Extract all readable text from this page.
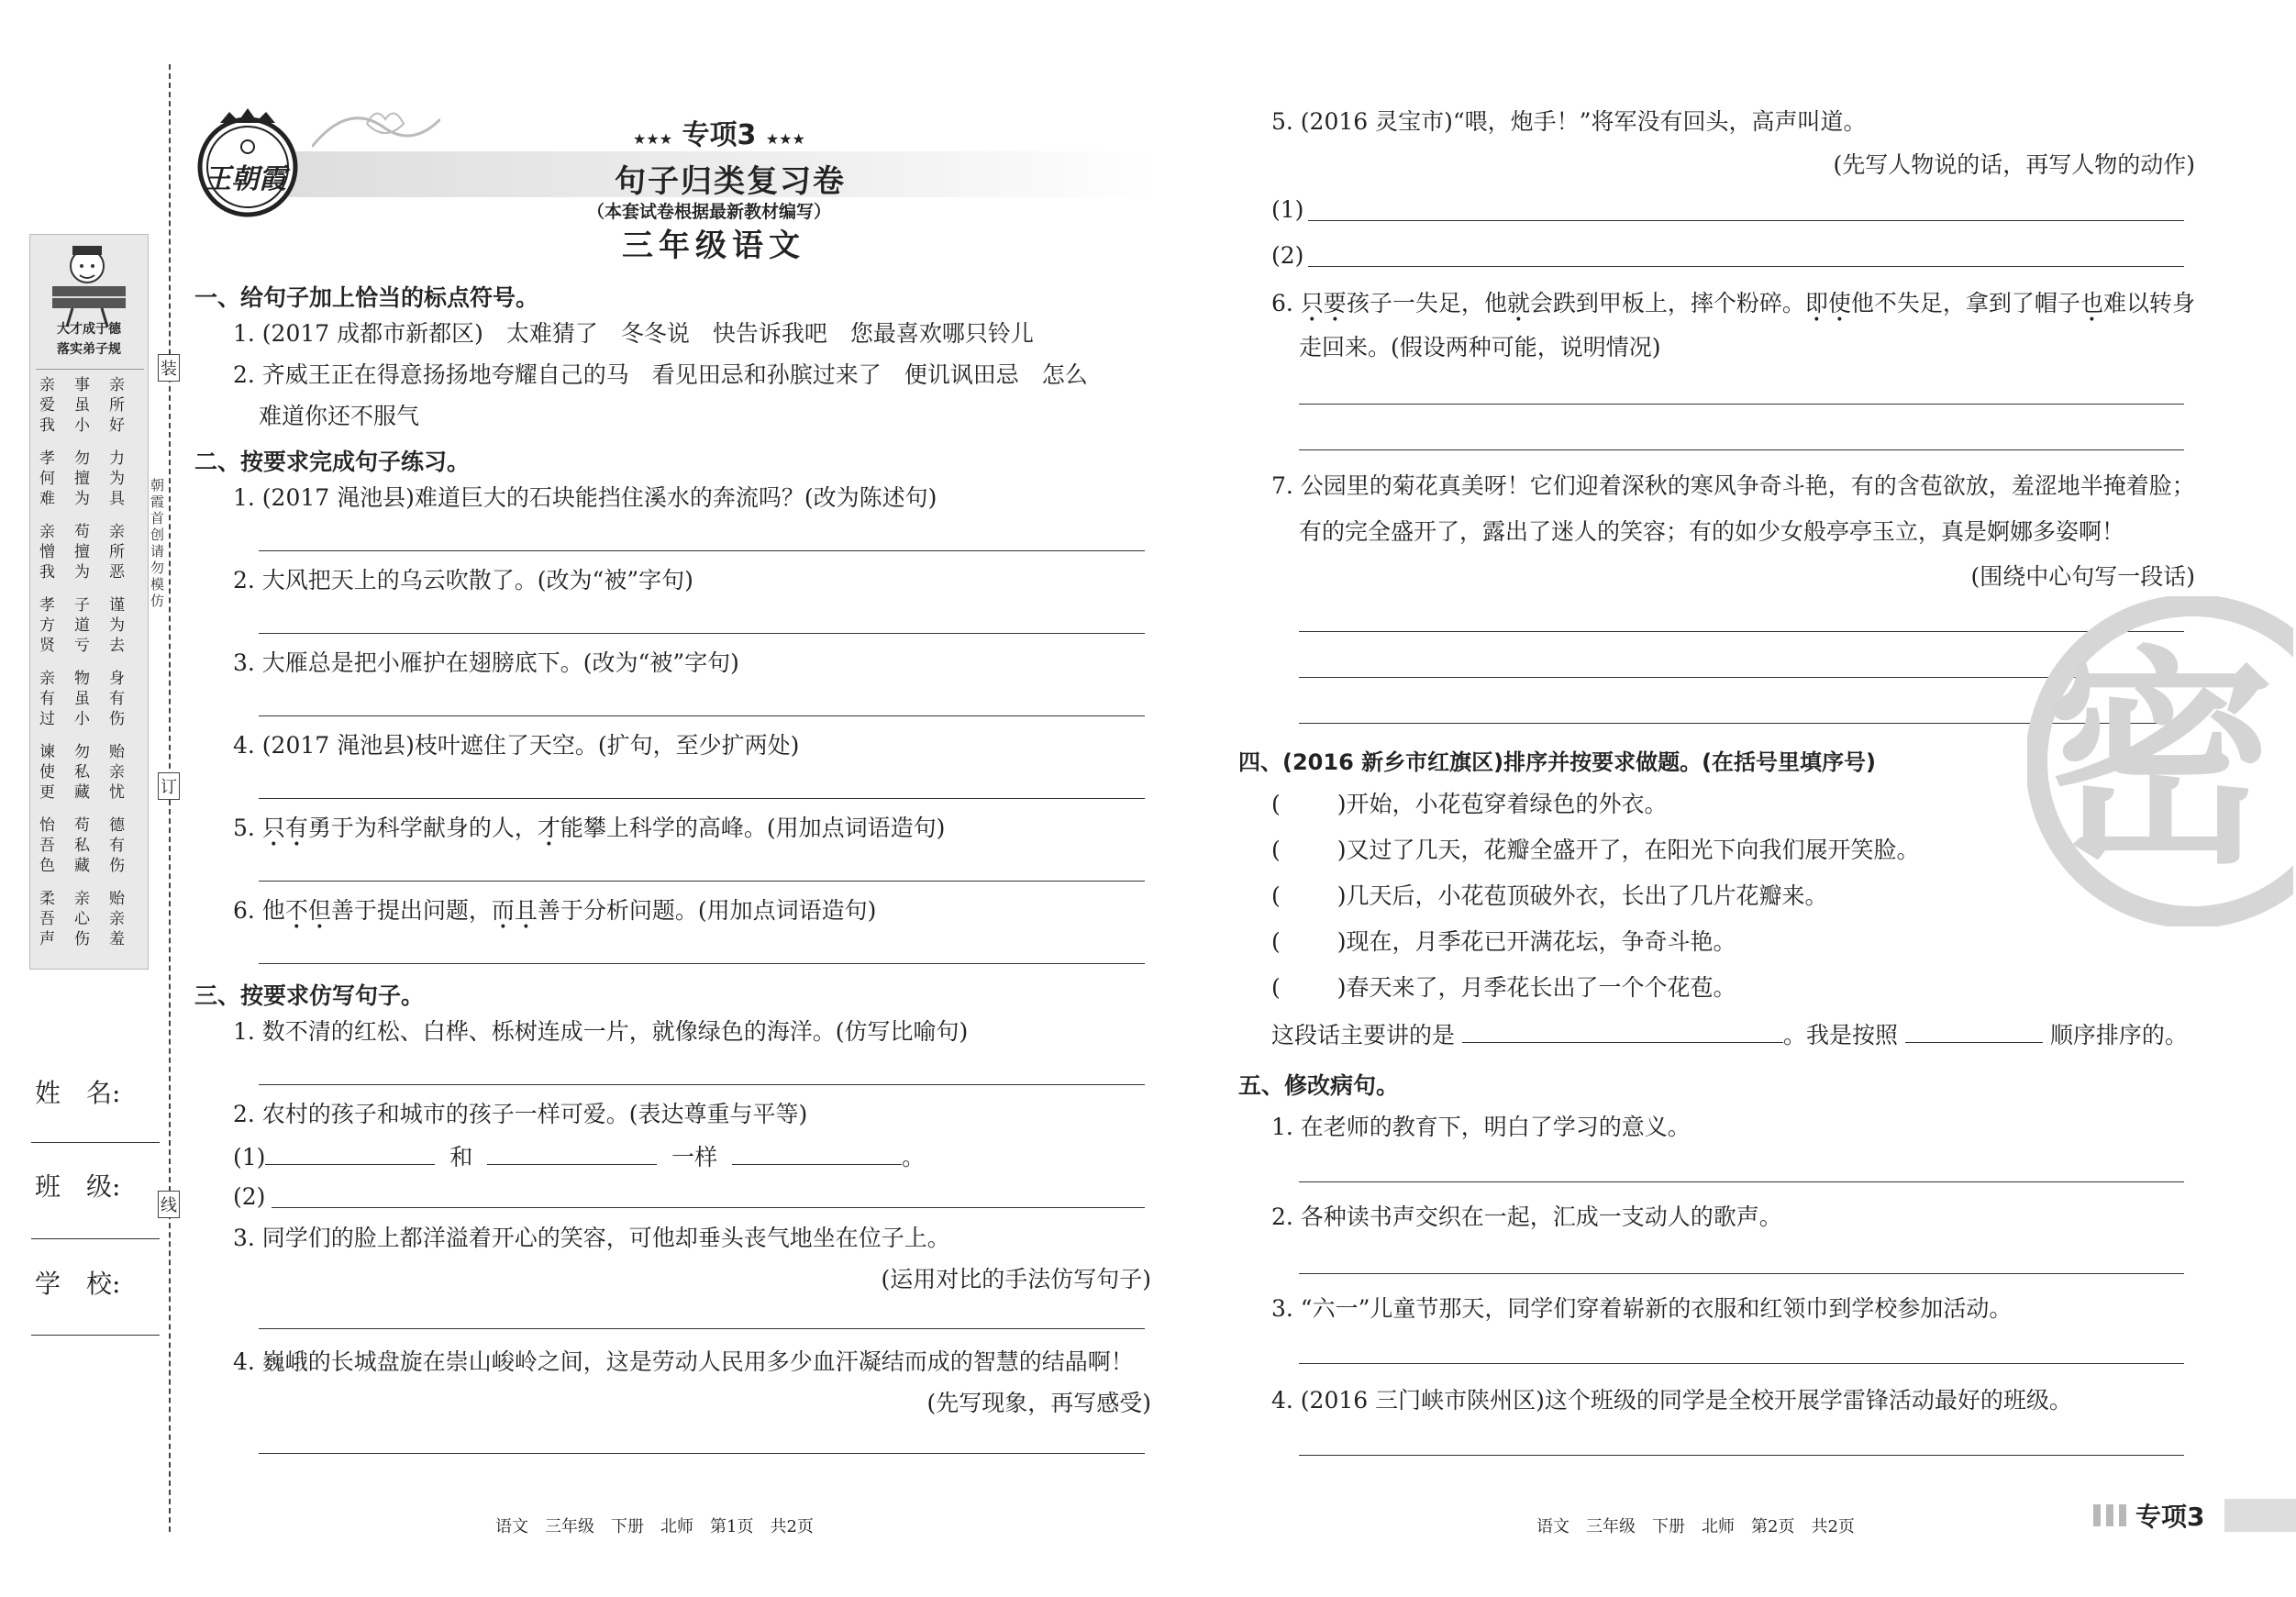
大才成于德
落实弟子规
亲爱我
孝何难
亲憎我
孝方贤
亲有过
谏使更
怡吾色
柔吾声
事虽小
勿擅为
苟擅为
子道亏
物虽小
勿私藏
苟私藏
亲心伤
亲所好
力为具
亲所恶
谨为去
身有伤
贻亲忧
德有伤
贻亲羞
装
订
线
朝霞首创 请勿模仿
姓　名:
班　级:
学　校:
王朝霞
★★★ 专项3 ★★★
句子归类复习卷
（本套试卷根据最新教材编写）
三年级语文
一、给句子加上恰当的标点符号。
1. (2017 成都市新都区)　太难猜了　冬冬说　快告诉我吧　您最喜欢哪只铃儿
2. 齐威王正在得意扬扬地夸耀自己的马　看见田忌和孙膑过来了　便讥讽田忌　怎么
难道你还不服气
二、按要求完成句子练习。
1. (2017 渑池县)难道巨大的石块能挡住溪水的奔流吗？(改为陈述句)
2. 大风把天上的乌云吹散了。(改为“被”字句)
3. 大雁总是把小雁护在翅膀底下。(改为“被”字句)
4. (2017 渑池县)枝叶遮住了天空。(扩句，至少扩两处)
5. 只有勇于为科学献身的人，才能攀上科学的高峰。(用加点词语造句)
6. 他不但善于提出问题，而且善于分析问题。(用加点词语造句)
三、按要求仿写句子。
1. 数不清的红松、白桦、栎树连成一片，就像绿色的海洋。(仿写比喻句)
2. 农村的孩子和城市的孩子一样可爱。(表达尊重与平等)
(1)	和	一样	。
(2)
3. 同学们的脸上都洋溢着开心的笑容，可他却垂头丧气地坐在位子上。
(运用对比的手法仿写句子)
4. 巍峨的长城盘旋在崇山峻岭之间，这是劳动人民用多少血汗凝结而成的智慧的结晶啊！
(先写现象，再写感受)
语文　三年级　下册　北师　第1页　共2页
5. (2016 灵宝市)“喂，炮手！”将军没有回头，高声叫道。
(先写人物说的话，再写人物的动作)
(1)
(2)
6. 只要孩子一失足，他就会跌到甲板上，摔个粉碎。即使他不失足，拿到了帽子也难以转身
走回来。(假设两种可能，说明情况)
7. 公园里的菊花真美呀！它们迎着深秋的寒风争奇斗艳，有的含苞欲放，羞涩地半掩着脸；
有的完全盛开了，露出了迷人的笑容；有的如少女般亭亭玉立，真是婀娜多姿啊！
(围绕中心句写一段话)
密
四、(2016 新乡市红旗区)排序并按要求做题。(在括号里填序号)
( )开始，小花苞穿着绿色的外衣。
( )又过了几天，花瓣全盛开了，在阳光下向我们展开笑脸。
( )几天后，小花苞顶破外衣，长出了几片花瓣来。
( )现在，月季花已开满花坛，争奇斗艳。
( )春天来了，月季花长出了一个个花苞。
这段话主要讲的是	。我是按照	顺序排序的。
五、修改病句。
1. 在老师的教育下，明白了学习的意义。
2. 各种读书声交织在一起，汇成一支动人的歌声。
3. “六一”儿童节那天，同学们穿着崭新的衣服和红领巾到学校参加活动。
4. (2016 三门峡市陕州区)这个班级的同学是全校开展学雷锋活动最好的班级。
语文　三年级　下册　北师　第2页　共2页	专项3
